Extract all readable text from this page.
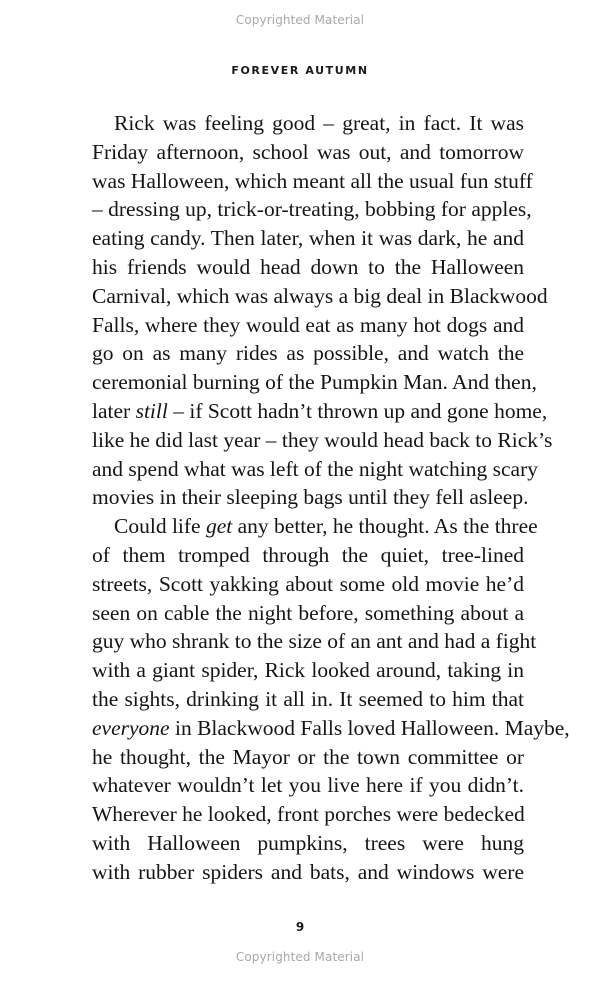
Copyrighted Material
FOREVER AUTUMN
Rick was feeling good – great, in fact. It was
Friday afternoon, school was out, and tomorrow
was Halloween, which meant all the usual fun stuff
– dressing up, trick-or-treating, bobbing for apples,
eating candy. Then later, when it was dark, he and
his friends would head down to the Halloween
Carnival, which was always a big deal in Blackwood
Falls, where they would eat as many hot dogs and
go on as many rides as possible, and watch the
ceremonial burning of the Pumpkin Man. And then,
later still – if Scott hadn’t thrown up and gone home,
like he did last year – they would head back to Rick’s
and spend what was left of the night watching scary
movies in their sleeping bags until they fell asleep.
Could life get any better, he thought. As the three
of them tromped through the quiet, tree-lined
streets, Scott yakking about some old movie he’d
seen on cable the night before, something about a
guy who shrank to the size of an ant and had a fight
with a giant spider, Rick looked around, taking in
the sights, drinking it all in. It seemed to him that
everyone in Blackwood Falls loved Halloween. Maybe,
he thought, the Mayor or the town committee or
whatever wouldn’t let you live here if you didn’t.
Wherever he looked, front porches were bedecked
with Halloween pumpkins, trees were hung
with rubber spiders and bats, and windows were
9
Copyrighted Material
